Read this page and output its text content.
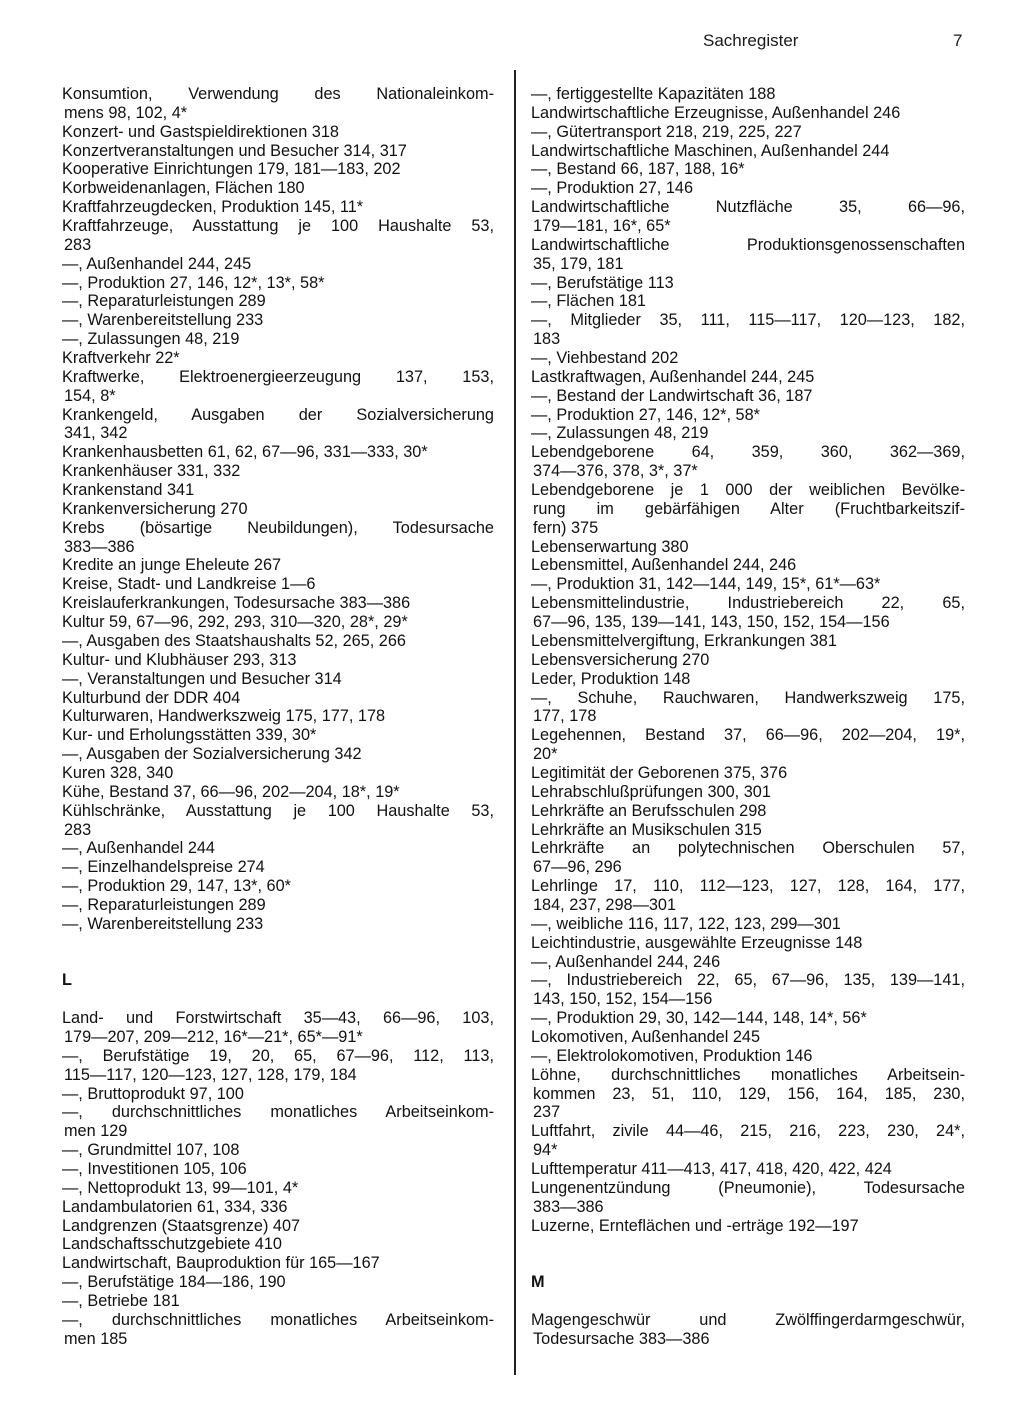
Sachregister	7
Konsumtion, Verwendung des Nationaleinkom-
mens 98, 102, 4*
Konzert- und Gastspieldirektionen 318
Konzertveranstaltungen und Besucher 314, 317
Kooperative Einrichtungen 179, 181—183, 202
Korbweidenanlagen, Flächen 180
Kraftfahrzeugdecken, Produktion 145, 11*
Kraftfahrzeuge, Ausstattung je 100 Haushalte 53,
283
—, Außenhandel 244, 245
—, Produktion 27, 146, 12*, 13*, 58*
—, Reparaturleistungen 289
—, Warenbereitstellung 233
—, Zulassungen 48, 219
Kraftverkehr 22*
Kraftwerke, Elektroenergieerzeugung 137, 153,
154, 8*
Krankengeld, Ausgaben der Sozialversicherung
341, 342
Krankenhausbetten 61, 62, 67—96, 331—333, 30*
Krankenhäuser 331, 332
Krankenstand 341
Krankenversicherung 270
Krebs (bösartige Neubildungen), Todesursache
383—386
Kredite an junge Eheleute 267
Kreise, Stadt- und Landkreise 1—6
Kreislauferkrankungen, Todesursache 383—386
Kultur 59, 67—96, 292, 293, 310—320, 28*, 29*
—, Ausgaben des Staatshaushalts 52, 265, 266
Kultur- und Klubhäuser 293, 313
—, Veranstaltungen und Besucher 314
Kulturbund der DDR 404
Kulturwaren, Handwerkszweig 175, 177, 178
Kur- und Erholungsstätten 339, 30*
—, Ausgaben der Sozialversicherung 342
Kuren 328, 340
Kühe, Bestand 37, 66—96, 202—204, 18*, 19*
Kühlschränke, Ausstattung je 100 Haushalte 53,
283
—, Außenhandel 244
—, Einzelhandelspreise 274
—, Produktion 29, 147, 13*, 60*
—, Reparaturleistungen 289
—, Warenbereitstellung 233
L
Land- und Forstwirtschaft 35—43, 66—96, 103,
179—207, 209—212, 16*—21*, 65*—91*
—, Berufstätige 19, 20, 65, 67—96, 112, 113,
115—117, 120—123, 127, 128, 179, 184
—, Bruttoprodukt 97, 100
—, durchschnittliches monatliches Arbeitseinkom-
men 129
—, Grundmittel 107, 108
—, Investitionen 105, 106
—, Nettoprodukt 13, 99—101, 4*
Landambulatorien 61, 334, 336
Landgrenzen (Staatsgrenze) 407
Landschaftsschutzgebiete 410
Landwirtschaft, Bauproduktion für 165—167
—, Berufstätige 184—186, 190
—, Betriebe 181
—, durchschnittliches monatliches Arbeitseinkom-
men 185
—, fertiggestellte Kapazitäten 188
Landwirtschaftliche Erzeugnisse, Außenhandel 246
—, Gütertransport 218, 219, 225, 227
Landwirtschaftliche Maschinen, Außenhandel 244
—, Bestand 66, 187, 188, 16*
—, Produktion 27, 146
Landwirtschaftliche Nutzfläche 35, 66—96,
179—181, 16*, 65*
Landwirtschaftliche Produktionsgenossenschaften
35, 179, 181
—, Berufstätige 113
—, Flächen 181
—, Mitglieder 35, 111, 115—117, 120—123, 182,
183
—, Viehbestand 202
Lastkraftwagen, Außenhandel 244, 245
—, Bestand der Landwirtschaft 36, 187
—, Produktion 27, 146, 12*, 58*
—, Zulassungen 48, 219
Lebendgeborene 64, 359, 360, 362—369,
374—376, 378, 3*, 37*
Lebendgeborene je 1 000 der weiblichen Bevölke-
rung im gebärfähigen Alter (Fruchtbarkeitszif-
fern) 375
Lebenserwartung 380
Lebensmittel, Außenhandel 244, 246
—, Produktion 31, 142—144, 149, 15*, 61*—63*
Lebensmittelindustrie, Industriebereich 22, 65,
67—96, 135, 139—141, 143, 150, 152, 154—156
Lebensmittelvergiftung, Erkrankungen 381
Lebensversicherung 270
Leder, Produktion 148
—, Schuhe, Rauchwaren, Handwerkszweig 175,
177, 178
Legehennen, Bestand 37, 66—96, 202—204, 19*,
20*
Legitimität der Geborenen 375, 376
Lehrabschlußprüfungen 300, 301
Lehrkräfte an Berufsschulen 298
Lehrkräfte an Musikschulen 315
Lehrkräfte an polytechnischen Oberschulen 57,
67—96, 296
Lehrlinge 17, 110, 112—123, 127, 128, 164, 177,
184, 237, 298—301
—, weibliche 116, 117, 122, 123, 299—301
Leichtindustrie, ausgewählte Erzeugnisse 148
—, Außenhandel 244, 246
—, Industriebereich 22, 65, 67—96, 135, 139—141,
143, 150, 152, 154—156
—, Produktion 29, 30, 142—144, 148, 14*, 56*
Lokomotiven, Außenhandel 245
—, Elektrolokomotiven, Produktion 146
Löhne, durchschnittliches monatliches Arbeitsein-
kommen 23, 51, 110, 129, 156, 164, 185, 230,
237
Luftfahrt, zivile 44—46, 215, 216, 223, 230, 24*,
94*
Lufttemperatur 411—413, 417, 418, 420, 422, 424
Lungenentzündung (Pneumonie), Todesursache
383—386
Luzerne, Ernteflächen und -erträge 192—197
M
Magengeschwür und Zwölffingerdarmgeschwür,
Todesursache 383—386
